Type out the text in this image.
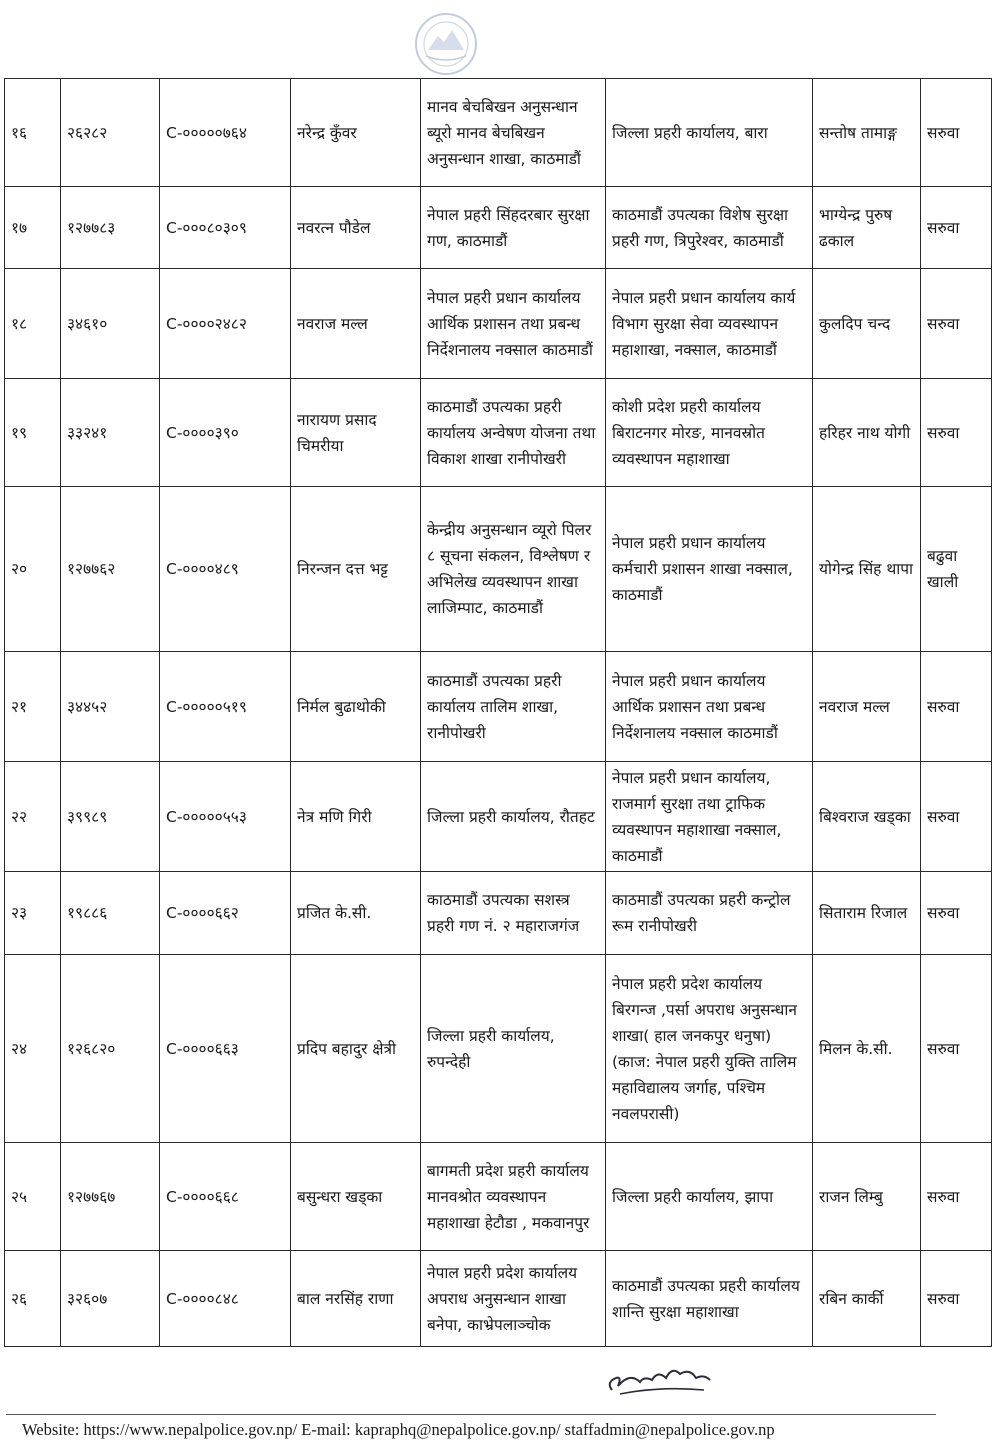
१६	२६२८२	C-०००००७६४	नरेन्द्र कुँवर	मानव बेचबिखन अनुसन्धान ब्यूरो मानव बेचबिखन अनुसन्धान शाखा, काठमाडौं	जिल्ला प्रहरी कार्यालय, बारा	सन्तोष तामाङ्ग	सरुवा
१७	१२७७८३	C-०००८०३०९	नवरत्न पौडेल	नेपाल प्रहरी सिंहदरबार सुरक्षा गण, काठमाडौं	काठमाडौं उपत्यका विशेष सुरक्षा प्रहरी गण, त्रिपुरेश्वर, काठमाडौं	भाग्येन्द्र पुरुष ढकाल	सरुवा
१८	३४६१०	C-००००२४८२	नवराज मल्ल	नेपाल प्रहरी प्रधान कार्यालय आर्थिक प्रशासन तथा प्रबन्ध निर्देशनालय नक्साल काठमाडौं	नेपाल प्रहरी प्रधान कार्यालय कार्य विभाग सुरक्षा सेवा व्यवस्थापन महाशाखा, नक्साल, काठमाडौं	कुलदिप चन्द	सरुवा
१९	३३२४१	C-००००३९०	नारायण प्रसाद चिमरीया	काठमाडौं उपत्यका प्रहरी कार्यालय अन्वेषण योजना तथा विकाश शाखा रानीपोखरी	कोशी प्रदेश प्रहरी कार्यालय बिराटनगर मोरङ, मानवस्रोत व्यवस्थापन महाशाखा	हरिहर नाथ योगी	सरुवा
२०	१२७७६२	C-००००४८९	निरन्जन दत्त भट्ट	केन्द्रीय अनुसन्धान व्यूरो पिलर ८ सूचना संकलन, विश्लेषण र अभिलेख व्यवस्थापन शाखा लाजिम्पाट, काठमाडौं	नेपाल प्रहरी प्रधान कार्यालय कर्मचारी प्रशासन शाखा नक्साल, काठमाडौं	योगेन्द्र सिंह थापा	बढुवा खाली
२१	३४४५२	C-०००००५१९	निर्मल बुढाथोकी	काठमाडौं उपत्यका प्रहरी कार्यालय तालिम शाखा, रानीपोखरी	नेपाल प्रहरी प्रधान कार्यालय आर्थिक प्रशासन तथा प्रबन्ध निर्देशनालय नक्साल काठमाडौं	नवराज मल्ल	सरुवा
२२	३९९८९	C-०००००५५३	नेत्र मणि गिरी	जिल्ला प्रहरी कार्यालय, रौतहट	नेपाल प्रहरी प्रधान कार्यालय, राजमार्ग सुरक्षा तथा ट्राफिक व्यवस्थापन महाशाखा नक्साल, काठमाडौं	बिश्वराज खड्का	सरुवा
२३	१९८८६	C-००००६६२	प्रजित के.सी.	काठमाडौं उपत्यका सशस्त्र प्रहरी गण नं. २ महाराजगंज	काठमाडौं उपत्यका प्रहरी कन्ट्रोल रूम रानीपोखरी	सिताराम रिजाल	सरुवा
२४	१२६८२०	C-००००६६३	प्रदिप बहादुर क्षेत्री	जिल्ला प्रहरी कार्यालय, रुपन्देही	नेपाल प्रहरी प्रदेश कार्यालय बिरगन्ज ,पर्सा अपराध अनुसन्धान शाखा( हाल जनकपुर धनुषा) (काज: नेपाल प्रहरी युक्ति तालिम महाविद्यालय जर्गाह, पश्चिम नवलपरासी)	मिलन के.सी.	सरुवा
२५	१२७७६७	C-००००६६८	बसुन्धरा खड्का	बागमती प्रदेश प्रहरी कार्यालय मानवश्रोत व्यवस्थापन महाशाखा हेटौडा , मकवानपुर	जिल्ला प्रहरी कार्यालय, झापा	राजन लिम्बु	सरुवा
२६	३२६०७	C-००००८४८	बाल नरसिंह राणा	नेपाल प्रहरी प्रदेश कार्यालय अपराध अनुसन्धान शाखा बनेपा, काभ्रेपलाञ्चोक	काठमाडौं उपत्यका प्रहरी कार्यालय शान्ति सुरक्षा महाशाखा	रबिन कार्की	सरुवा
Website: https://www.nepalpolice.gov.np/ E-mail: kapraphq@nepalpolice.gov.np/ staffadmin@nepalpolice.gov.np
